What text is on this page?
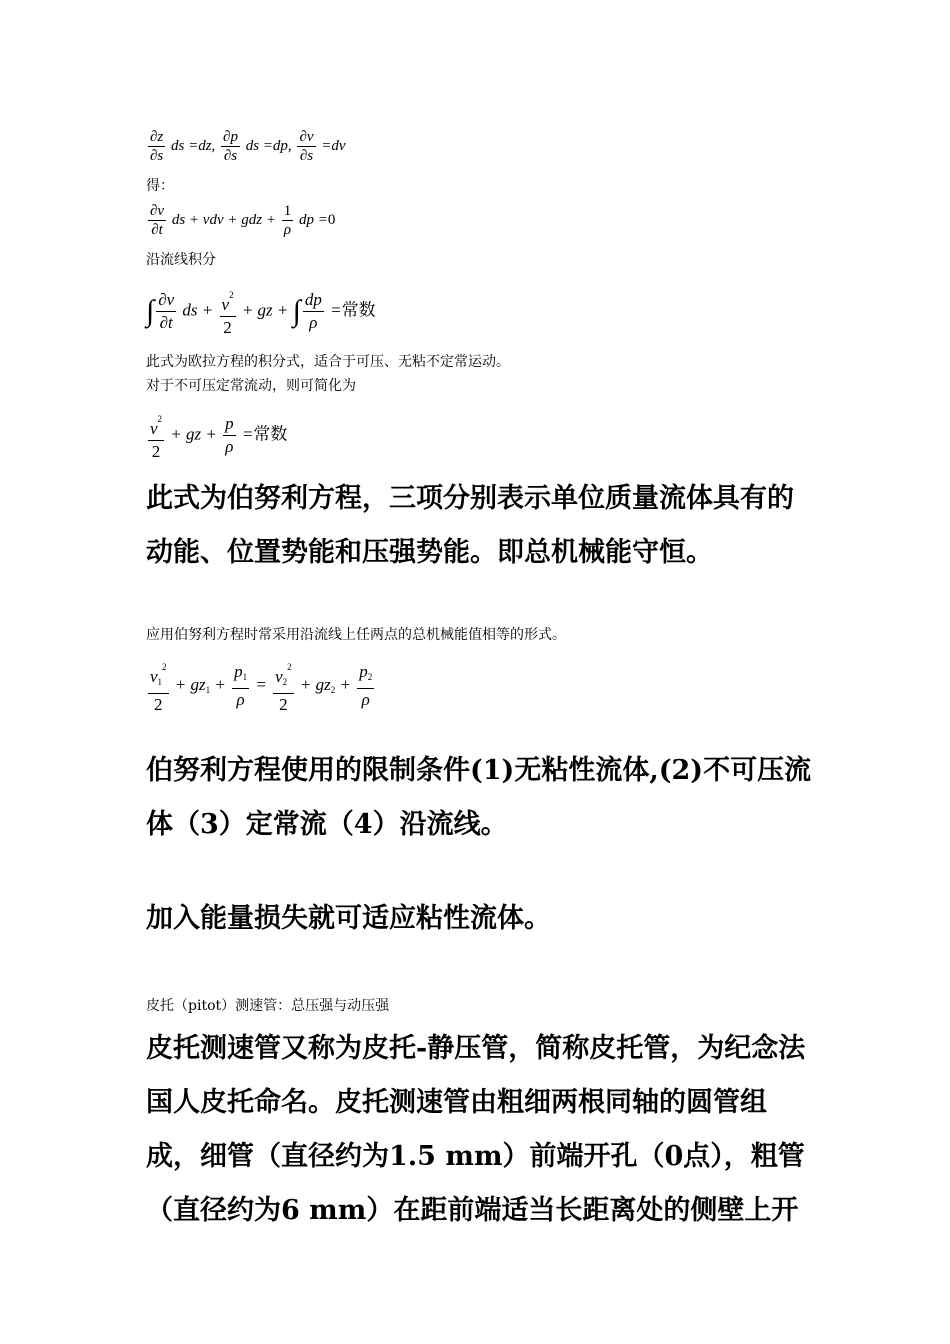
$\frac{\partial z}{\partial s}$ ds =dz, $\frac{\partial p}{\partial s}$ ds =dp, $\frac{\partial v}{\partial s} =dv$
得：
$\frac{\partial v}{\partial t}$ ds + vdv + gdz + $\frac{1}{\rho}$ dp =0
沿流线积分
∫ $\frac{\partial v}{\partial t}$ ds + $\frac{v^2}{2}$ + gz + ∫ $\frac{dp}{\rho}$ =常数
此式为欧拉方程的积分式，适合于可压、无粘不定常运动。
对于不可压定常流动，则可简化为
$\frac{v^2}{2}$ + gz + $\frac{p}{\rho}$ =常数
此式为伯努利方程，三项分别表示单位质量流体具有的动能、位置势能和压强势能。即总机械能守恒。
应用伯努利方程时常采用沿流线上任两点的总机械能值相等的形式。
$\frac{v_1^2}{2} + gz_1 + \frac{p_1}{\rho} = \frac{v_2^2}{2} + gz_2 + \frac{p_2}{\rho}$
伯努利方程使用的限制条件(1)无粘性流体,(2)不可压流体（3）定常流（4）沿流线。
加入能量损失就可适应粘性流体。
皮托（pitot）测速管：总压强与动压强
皮托测速管又称为皮托-静压管，简称皮托管，为纪念法国人皮托命名。皮托测速管由粗细两根同轴的圆管组成，细管（直径约为1.5 mm）前端开孔（0点），粗管（直径约为6 mm）在距前端适当长距离处的侧壁上开
